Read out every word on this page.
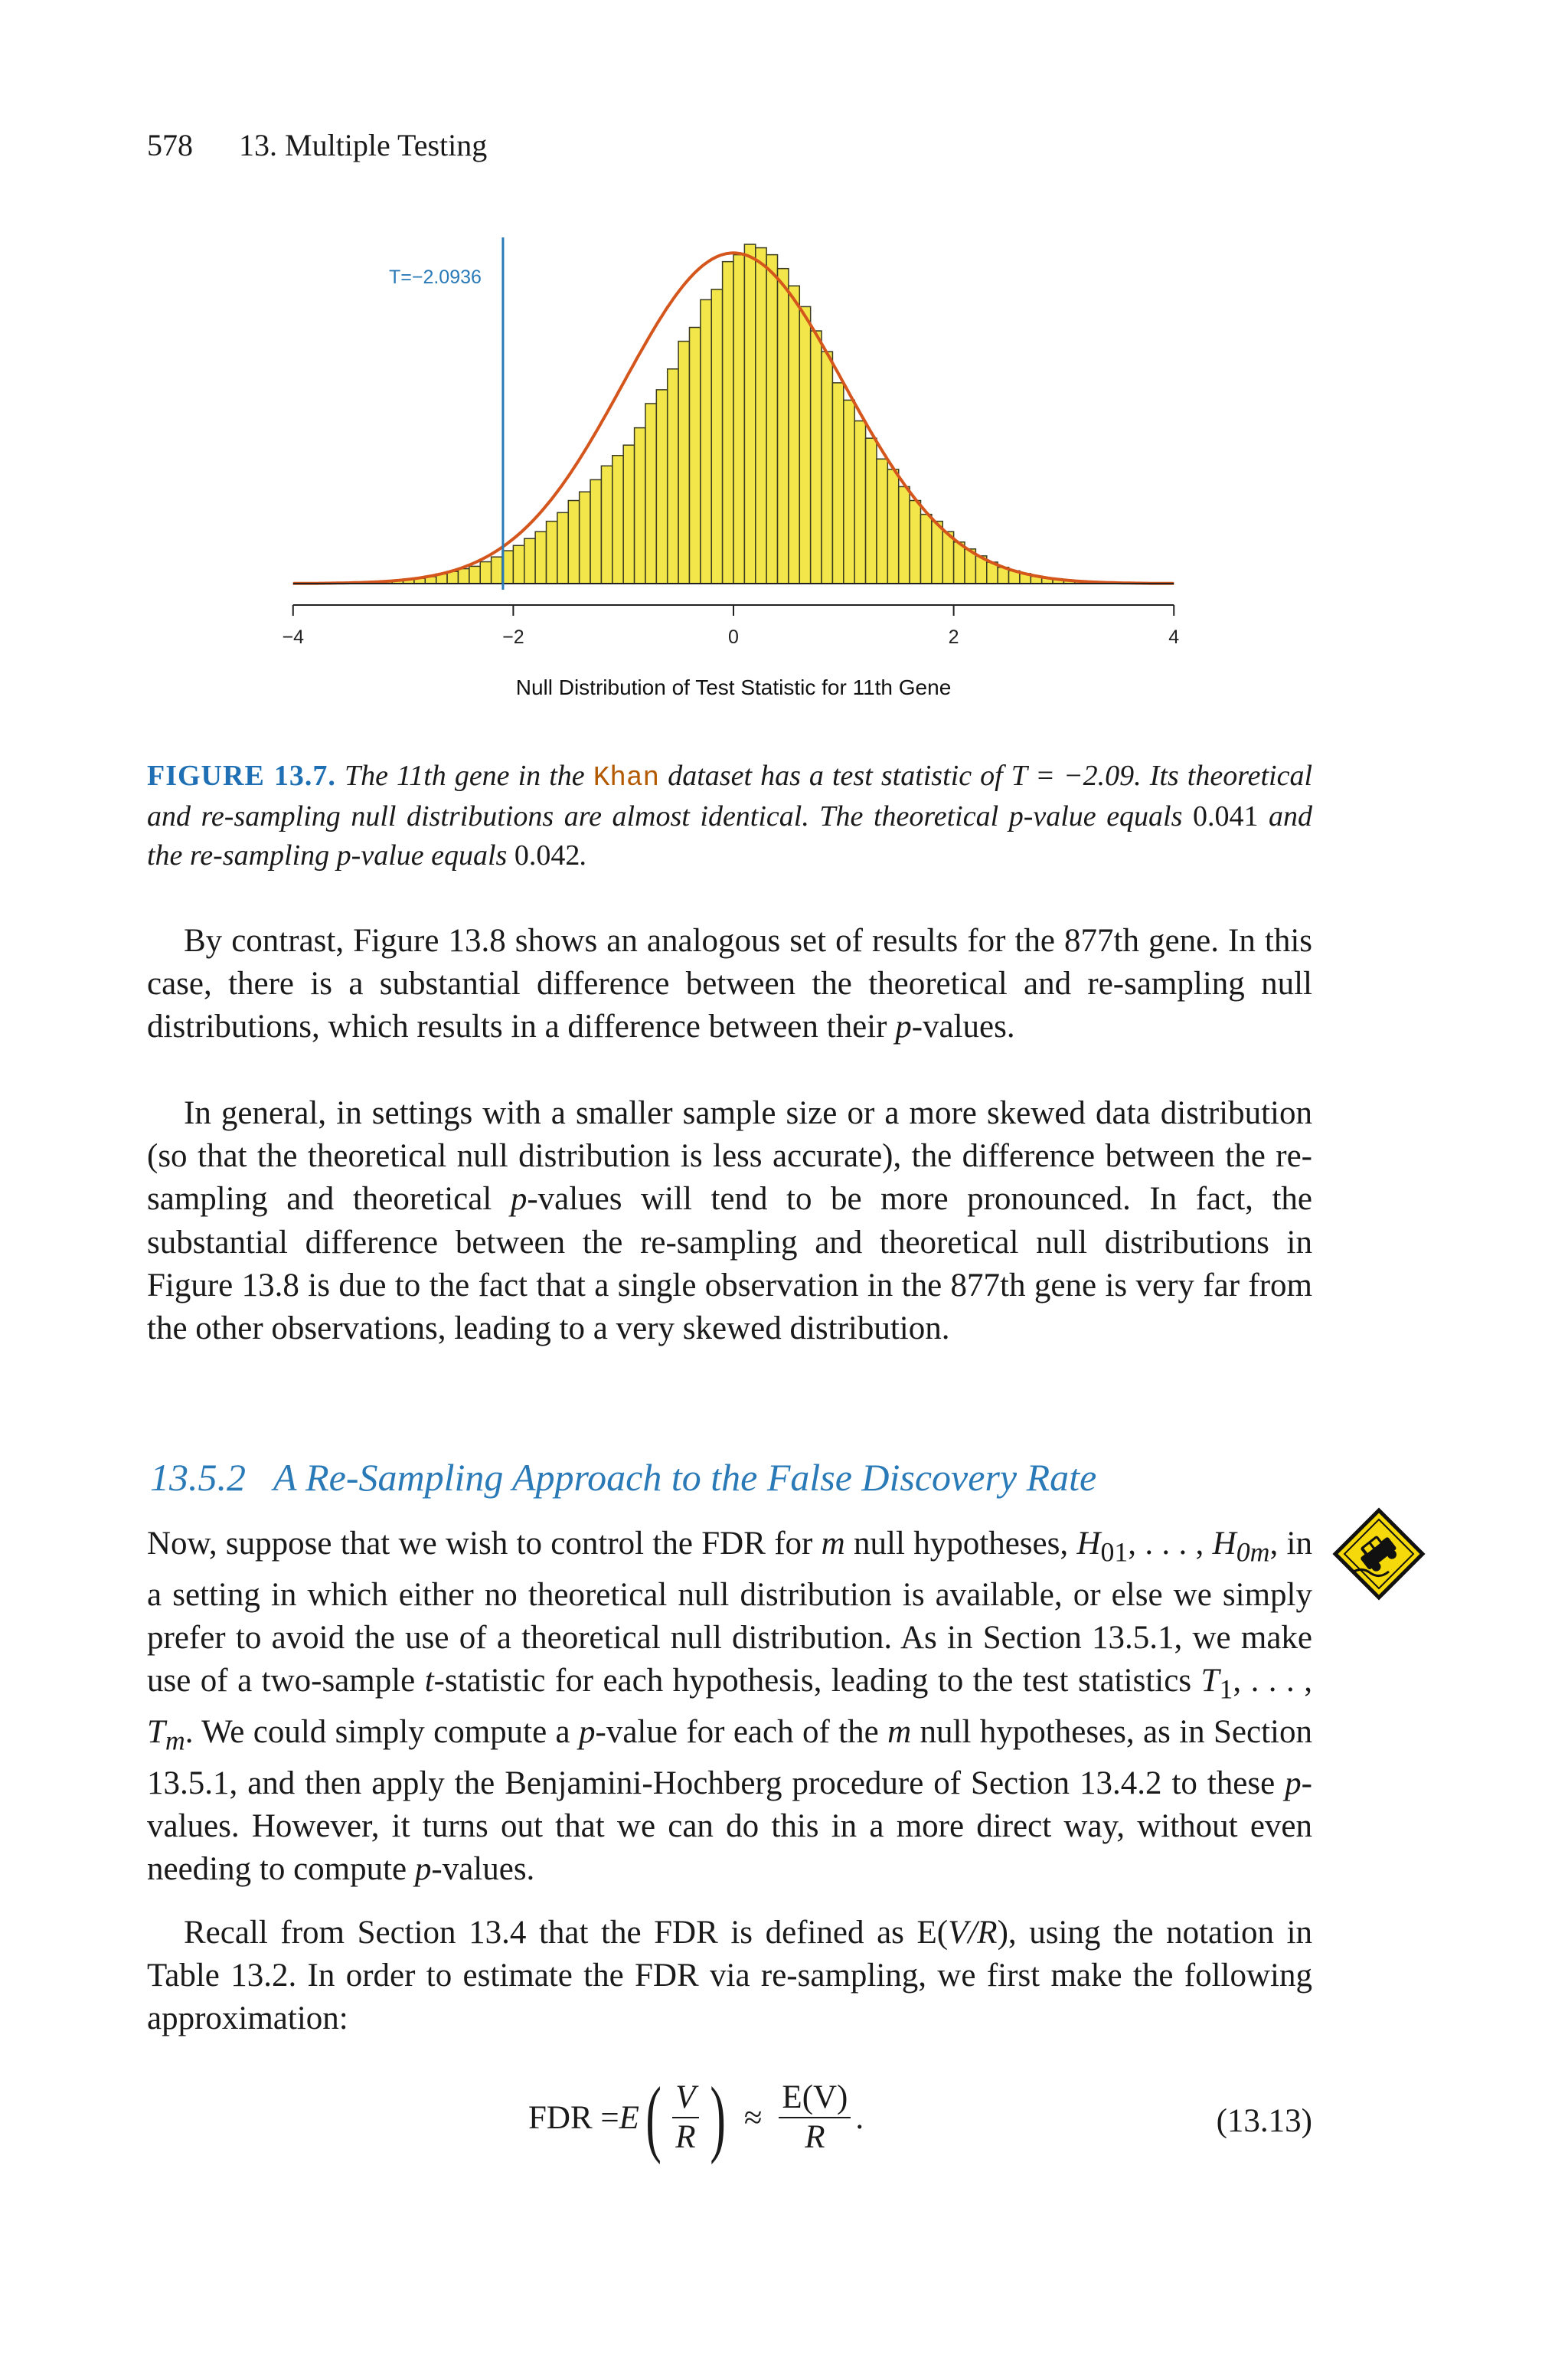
578 13. Multiple Testing
T=−2.0936
−4	−2	0	2	4
Null Distribution of Test Statistic for 11th Gene
FIGURE 13.7. The 11th gene in the Khan dataset has a test statistic of T = −2.09. Its theoretical and re-sampling null distributions are almost identical. The theoretical p-value equals 0.041 and the re-sampling p-value equals 0.042.

By contrast, Figure 13.8 shows an analogous set of results for the 877th gene. In this case, there is a substantial difference between the theoretical and re-sampling null distributions, which results in a difference between their p-values.

In general, in settings with a smaller sample size or a more skewed data distribution (so that the theoretical null distribution is less accurate), the difference between the re-sampling and theoretical p-values will tend to be more pronounced. In fact, the substantial difference between the re-sampling and theoretical null distributions in Figure 13.8 is due to the fact that a single observation in the 877th gene is very far from the other observations, leading to a very skewed distribution.

13.5.2 A Re-Sampling Approach to the False Discovery Rate

Now, suppose that we wish to control the FDR for m null hypotheses, $H_{01}$, . . . , $H_{0m}$, in a setting in which either no theoretical null distribution is available, or else we simply prefer to avoid the use of a theoretical null distribution. As in Section 13.5.1, we make use of a two-sample t-statistic for each hypothesis, leading to the test statistics $T_1$, . . . , $T_m$. We could simply compute a p-value for each of the m null hypotheses, as in Section 13.5.1, and then apply the Benjamini-Hochberg procedure of Section 13.4.2 to these p-values. However, it turns out that we can do this in a more direct way, without even needing to compute p-values.

Recall from Section 13.4 that the FDR is defined as E(V/R), using the notation in Table 13.2. In order to estimate the FDR via re-sampling, we first make the following approximation:

FDR = E ( $\frac{V}{R}$ ) ≈ $\frac{E(V)}{R}$ .	(13.13)
